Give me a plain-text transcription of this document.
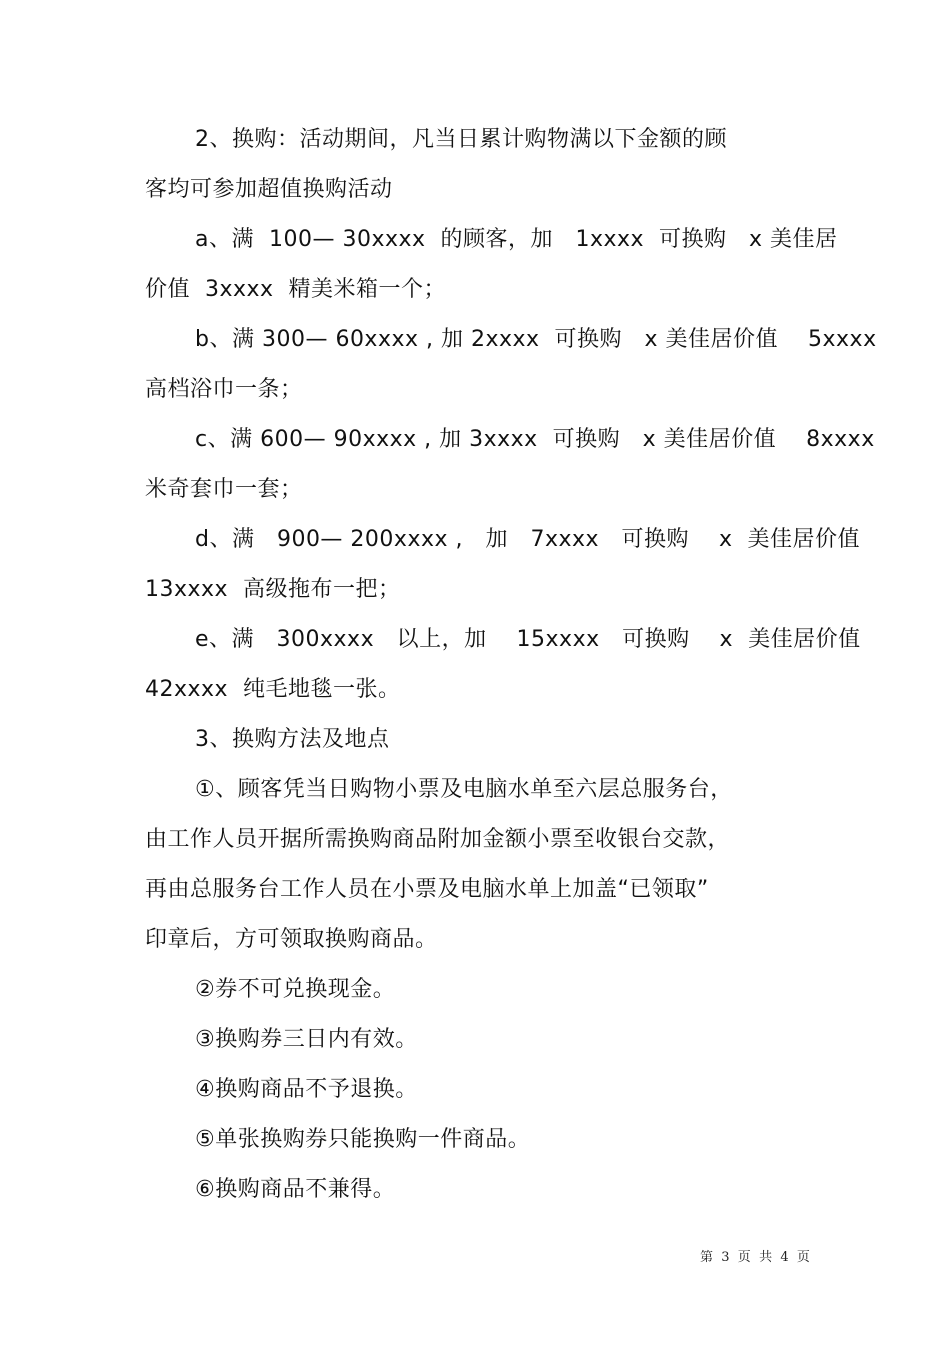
2、换购：活动期间，凡当日累计购物满以下金额的顾
客均可参加超值换购活动
a、满  100— 30xxxx  的顾客，加   1xxxx  可换购   x 美佳居
价值  3xxxx  精美米箱一个；
b、满 300— 60xxxx , 加 2xxxx  可换购   x 美佳居价值    5xxxx
高档浴巾一条；
c、满 600— 90xxxx , 加 3xxxx  可换购   x 美佳居价值    8xxxx
米奇套巾一套；
d、满   900— 200xxxx ,   加   7xxxx   可换购    x  美佳居价值
13xxxx  高级拖布一把；
e、满   300xxxx   以上，加    15xxxx   可换购    x  美佳居价值
42xxxx  纯毛地毯一张。
3、换购方法及地点
①、顾客凭当日购物小票及电脑水单至六层总服务台，
由工作人员开据所需换购商品附加金额小票至收银台交款，
再由总服务台工作人员在小票及电脑水单上加盖“已领取”
印章后，方可领取换购商品。
②券不可兑换现金。
③换购券三日内有效。
④换购商品不予退换。
⑤单张换购券只能换购一件商品。
⑥换购商品不兼得。
第  3  页  共  4  页
